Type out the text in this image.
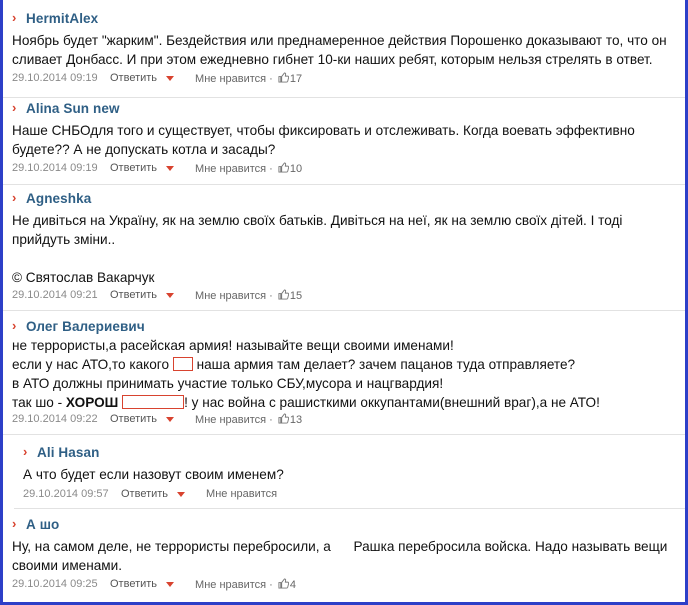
› HermitAlex
Ноябрь будет "жарким". Бездействия или преднамеренное действия Порошенко доказывают то, что он
сливает Донбасс. И при этом ежедневно гибнет 10-ки наших ребят, которым нельзя стрелять в ответ.
29.10.2014 09:19	Ответить	Мне нравится · 17
› Alina Sun new
Наше СНБОдля того и существует, чтобы фиксировать и отслеживать. Когда воевать эффективно
будете?? А не допускать котла и засады?
29.10.2014 09:19	Ответить	Мне нравится · 10
› Agneshka
Не дивіться на Україну, як на землю своїх батьків. Дивіться на неї, як на землю своїх дітей. І тоді
прийдуть зміни..

© Святослав Вакарчук
29.10.2014 09:21	Ответить	Мне нравится · 15
› Олег Валериевич
не террористы,а расейская армия! называйте вещи своими именами!
если у нас АТО,то какого наша армия там делает? зачем пацанов туда отправляете?
в АТО должны принимать участие только СБУ,мусора и нацгвардия!
так шо - ХОРОШ	! у нас война с рашисткими оккупантами(внешний враг),а не АТО!
29.10.2014 09:22	Ответить	Мне нравится · 13
› Ali Hasan
А что будет если назовут своим именем?
29.10.2014 09:57	Ответить	Мне нравится
› А шо
Ну, на самом деле, не террористы перебросили, а      Рашка перебросила войска. Надо называть вещи
своими именами.
29.10.2014 09:25	Ответить	Мне нравится · 4
